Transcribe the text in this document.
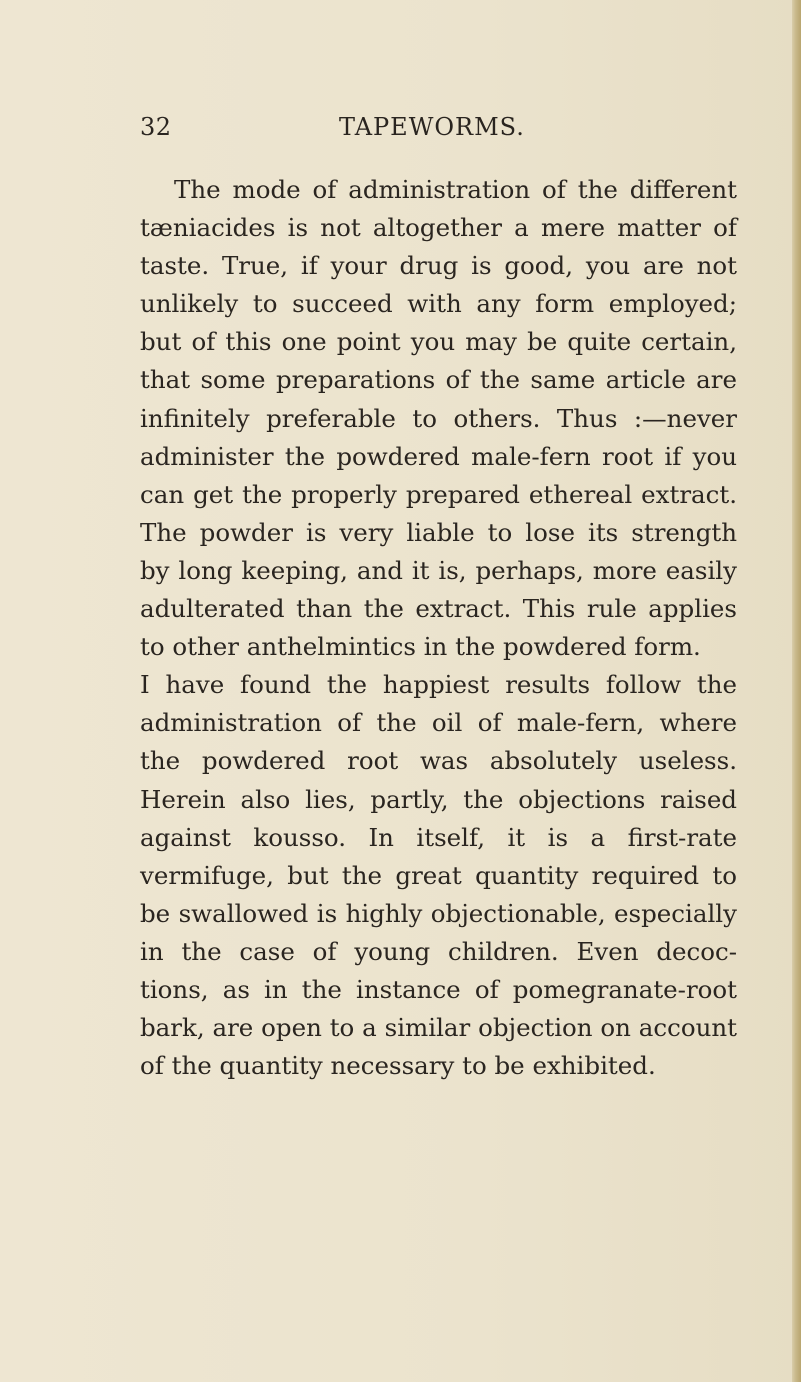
32	TAPEWORMS.
The mode of administration of the different
tæniacides is not altogether a mere matter of
taste. True, if your drug is good, you are not
unlikely to succeed with any form employed;
but of this one point you may be quite certain,
that some preparations of the same article are
infinitely preferable to others. Thus :—never
administer the powdered male-fern root if you
can get the properly prepared ethereal extract.
The powder is very liable to lose its strength
by long keeping, and it is, perhaps, more easily
adulterated than the extract. This rule applies
to other anthelmintics in the powdered form.
I have found the happiest results follow the
administration of the oil of male-fern, where
the powdered root was absolutely useless.
Herein also lies, partly, the objections raised
against kousso. In itself, it is a first-rate
vermifuge, but the great quantity required to
be swallowed is highly objectionable, especially
in the case of young children. Even decoc-
tions, as in the instance of pomegranate-root
bark, are open to a similar objection on account
of the quantity necessary to be exhibited.
